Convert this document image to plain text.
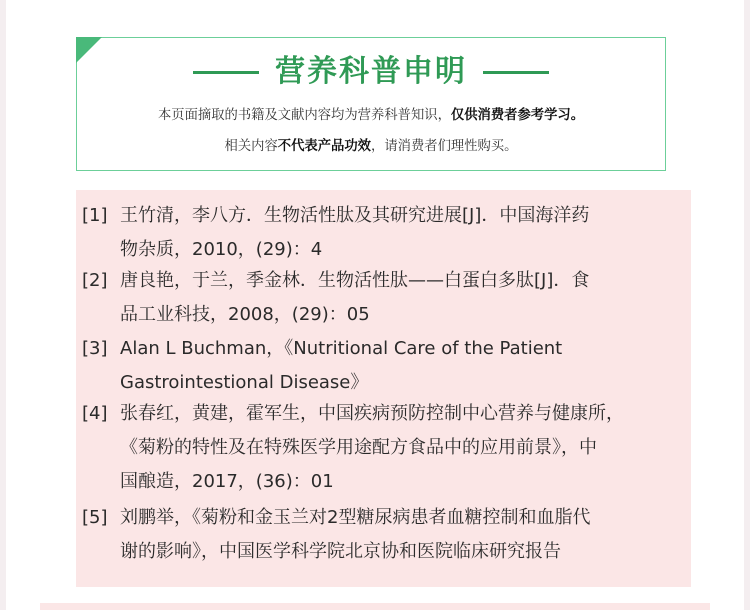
营养科普申明
本页面摘取的书籍及文献内容均为营养科普知识，仅供消费者参考学习。
相关内容不代表产品功效，请消费者们理性购买。
[1] 王竹清，李八方．生物活性肽及其研究进展[J]．中国海洋药
物杂质，2010，(29)：4
[2] 唐良艳，于兰，季金林．生物活性肽——白蛋白多肽[J]．食
品工业科技，2008，(29)：05
[3] Alan L Buchman，《Nutritional Care of the Patient
Gastrointestional Disease》
[4] 张春红，黄建，霍军生，中国疾病预防控制中心营养与健康所，
《菊粉的特性及在特殊医学用途配方食品中的应用前景》，中
国酿造，2017，(36)：01
[5] 刘鹏举，《菊粉和金玉兰对2型糖尿病患者血糖控制和血脂代
谢的影响》，中国医学科学院北京协和医院临床研究报告
